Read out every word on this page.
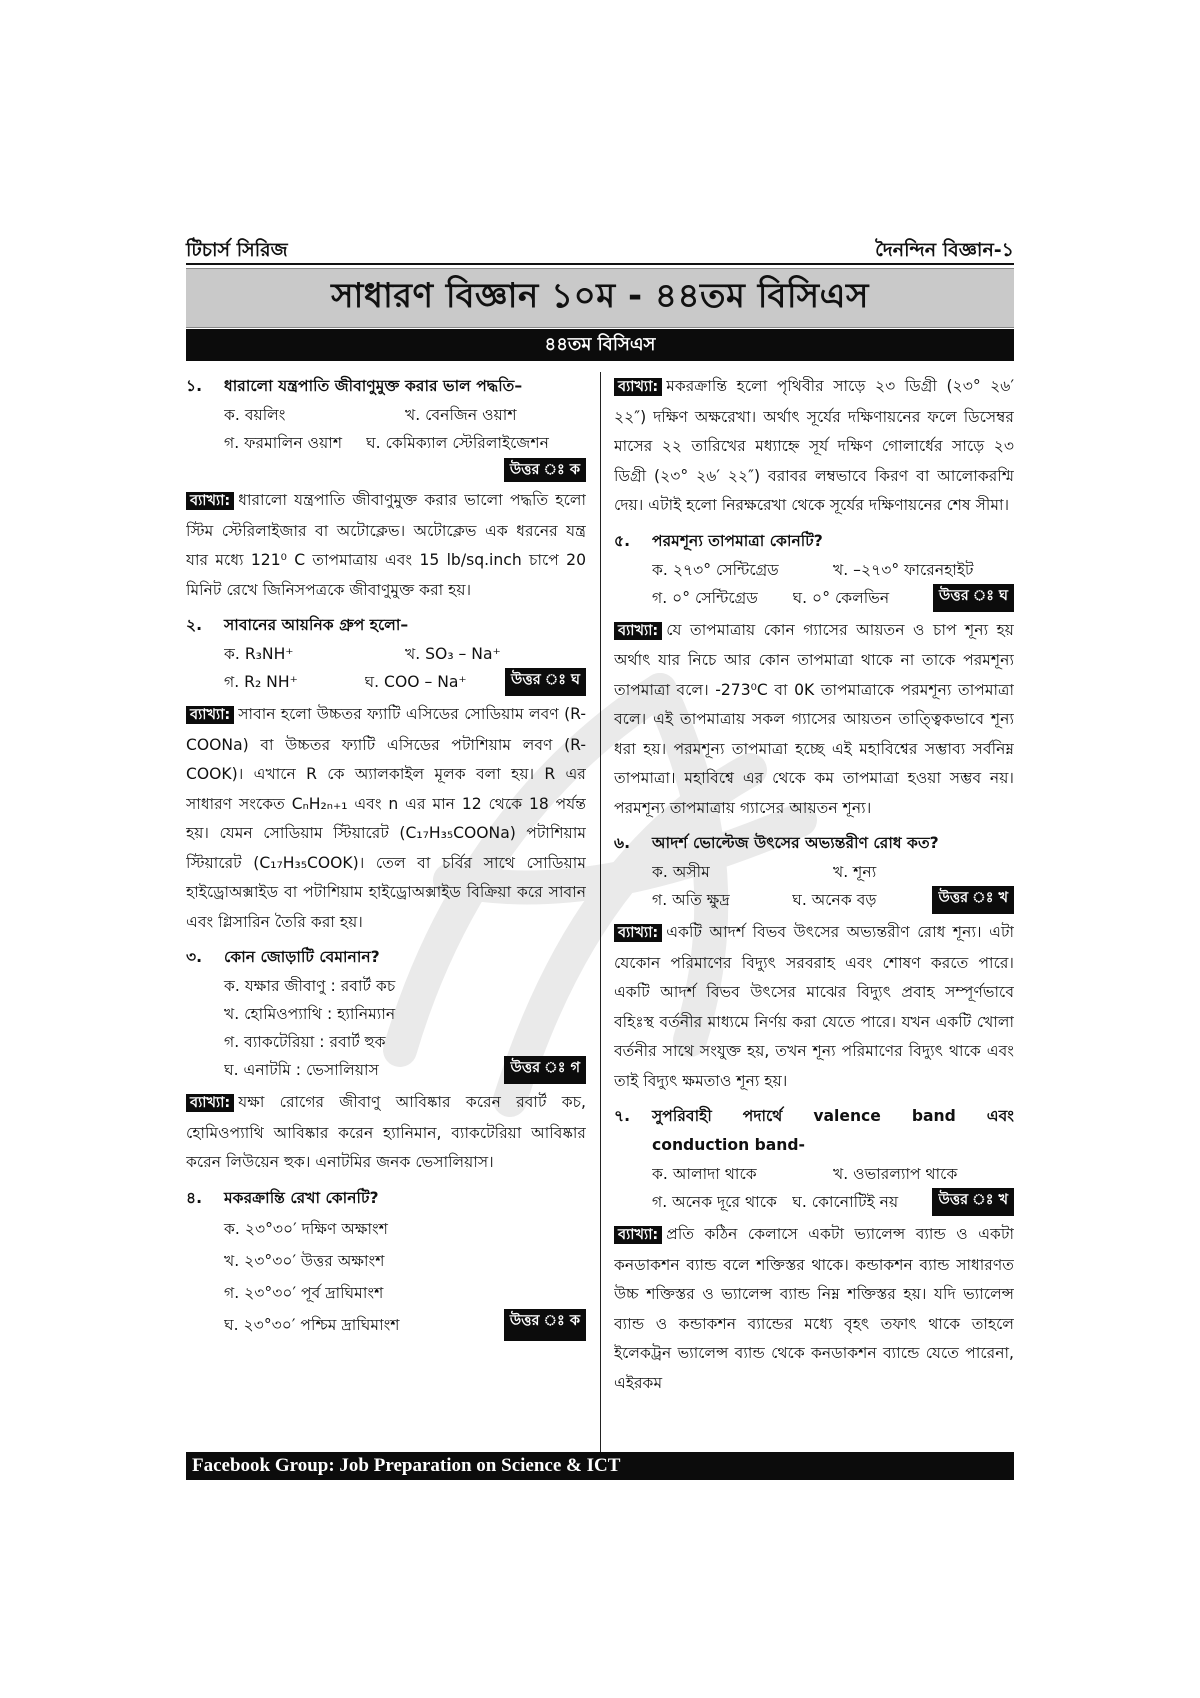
টিচার্স সিরিজ	দৈনন্দিন বিজ্ঞান-১
সাধারণ বিজ্ঞান ১০ম - ৪৪তম বিসিএস
৪৪তম বিসিএস
১.	ধারালো যন্ত্রপাতি জীবাণুমুক্ত করার ভাল পদ্ধতি–
ক. বয়লিং	খ. বেনজিন ওয়াশ
গ. ফরমালিন ওয়াশ	ঘ. কেমিক্যাল স্টেরিলাইজেশন
উত্তর ঃ ক
ব্যাখ্যা: ধারালো যন্ত্রপাতি জীবাণুমুক্ত করার ভালো পদ্ধতি হলো স্টিম স্টেরিলাইজার বা অটোক্লেভ। অটোক্লেভ এক ধরনের যন্ত্র যার মধ্যে 121⁰ C তাপমাত্রায় এবং 15 lb/sq.inch চাপে 20 মিনিট রেখে জিনিসপত্রকে জীবাণুমুক্ত করা হয়।
২.	সাবানের আয়নিক গ্রুপ হলো–
ক. R₃NH⁺	খ. SO₃ – Na⁺
গ. R₂ NH⁺	ঘ. COO – Na⁺	উত্তর ঃ ঘ
ব্যাখ্যা: সাবান হলো উচ্চতর ফ্যাটি এসিডের সোডিয়াম লবণ (R-COONa) বা উচ্চতর ফ্যাটি এসিডের পটাশিয়াম লবণ (R-COOK)। এখানে R কে অ্যালকাইল মূলক বলা হয়। R এর সাধারণ সংকেত CₙH₂ₙ₊₁ এবং n এর মান 12 থেকে 18 পর্যন্ত হয়। যেমন সোডিয়াম স্টিয়ারেট (C₁₇H₃₅COONa) পটাশিয়াম স্টিয়ারেট (C₁₇H₃₅COOK)। তেল বা চর্বির সাথে সোডিয়াম হাইড্রোঅক্সাইড বা পটাশিয়াম হাইড্রোঅক্সাইড বিক্রিয়া করে সাবান এবং গ্লিসারিন তৈরি করা হয়।
৩.	কোন জোড়াটি বেমানান?
ক. যক্ষার জীবাণু : রবার্ট কচ
খ. হোমিওপ্যাথি : হ্যানিম্যান
গ. ব্যাকটেরিয়া : রবার্ট হুক
ঘ. এনাটমি : ভেসালিয়াস	উত্তর ঃ গ
ব্যাখ্যা: যক্ষা রোগের জীবাণু আবিষ্কার করেন রবার্ট কচ, হোমিওপ্যাথি আবিষ্কার করেন হ্যানিমান, ব্যাকটেরিয়া আবিষ্কার করেন লিউয়েন হুক। এনাটমির জনক ভেসালিয়াস।
৪.	মকরক্রান্তি রেখা কোনটি?
ক. ২৩°৩০′ দক্ষিণ অক্ষাংশ
খ. ২৩°৩০′ উত্তর অক্ষাংশ
গ. ২৩°৩০′ পূর্ব দ্রাঘিমাংশ
ঘ. ২৩°৩০′ পশ্চিম দ্রাঘিমাংশ	উত্তর ঃ ক
ব্যাখ্যা: মকরক্রান্তি হলো পৃথিবীর সাড়ে ২৩ ডিগ্রী (২৩° ২৬′ ২২″) দক্ষিণ অক্ষরেখা। অর্থাৎ সূর্যের দক্ষিণায়নের ফলে ডিসেম্বর মাসের ২২ তারিখের মধ্যাহ্নে সূর্য দক্ষিণ গোলার্ধের সাড়ে ২৩ ডিগ্রী (২৩° ২৬′ ২২″) বরাবর লম্বভাবে কিরণ বা আলোকরশ্মি দেয়। এটাই হলো নিরক্ষরেখা থেকে সূর্যের দক্ষিণায়নের শেষ সীমা।
৫.	পরমশূন্য তাপমাত্রা কোনটি?
ক. ২৭৩° সেন্টিগ্রেড	খ. –২৭৩° ফারেনহাইট
গ. ০° সেন্টিগ্রেড	ঘ. ০° কেলভিন	উত্তর ঃ ঘ
ব্যাখ্যা: যে তাপমাত্রায় কোন গ্যাসের আয়তন ও চাপ শূন্য হয় অর্থাৎ যার নিচে আর কোন তাপমাত্রা থাকে না তাকে পরমশূন্য তাপমাত্রা বলে। -273⁰C বা 0K তাপমাত্রাকে পরমশূন্য তাপমাত্রা বলে। এই তাপমাত্রায় সকল গ্যাসের আয়তন তাত্ত্বিকভাবে শূন্য ধরা হয়। পরমশূন্য তাপমাত্রা হচ্ছে এই মহাবিশ্বের সম্ভাব্য সর্বনিম্ন তাপমাত্রা। মহাবিশ্বে এর থেকে কম তাপমাত্রা হওয়া সম্ভব নয়। পরমশূন্য তাপমাত্রায় গ্যাসের আয়তন শূন্য।
৬.	আদর্শ ভোল্টেজ উৎসের অভ্যন্তরীণ রোধ কত?
ক. অসীম	খ. শূন্য
গ. অতি ক্ষুদ্র	ঘ. অনেক বড়	উত্তর ঃ খ
ব্যাখ্যা: একটি আদর্শ বিভব উৎসের অভ্যন্তরীণ রোধ শূন্য। এটা যেকোন পরিমাণের বিদ্যুৎ সরবরাহ এবং শোষণ করতে পারে। একটি আদর্শ বিভব উৎসের মাঝের বিদ্যুৎ প্রবাহ সম্পূর্ণভাবে বহিঃস্থ বর্তনীর মাধ্যমে নির্ণয় করা যেতে পারে। যখন একটি খোলা বর্তনীর সাথে সংযুক্ত হয়, তখন শূন্য পরিমাণের বিদ্যুৎ থাকে এবং তাই বিদ্যুৎ ক্ষমতাও শূন্য হয়।
৭.	সুপরিবাহী পদার্থে valence band এবং conduction band-
ক. আলাদা থাকে	খ. ওভারল্যাপ থাকে
গ. অনেক দূরে থাকে ঘ. কোনোটিই নয়	উত্তর ঃ খ
ব্যাখ্যা: প্রতি কঠিন কেলাসে একটা ভ্যালেন্স ব্যান্ড ও একটা কনডাকশন ব্যান্ড বলে শক্তিস্তর থাকে। কন্ডাকশন ব্যান্ড সাধারণত উচ্চ শক্তিস্তর ও ভ্যালেন্স ব্যান্ড নিম্ন শক্তিস্তর হয়। যদি ভ্যালেন্স ব্যান্ড ও কন্ডাকশন ব্যান্ডের মধ্যে বৃহৎ তফাৎ থাকে তাহলে ইলেকট্রন ভ্যালেন্স ব্যান্ড থেকে কনডাকশন ব্যান্ডে যেতে পারেনা, এইরকম
Facebook Group: Job Preparation on Science & ICT
